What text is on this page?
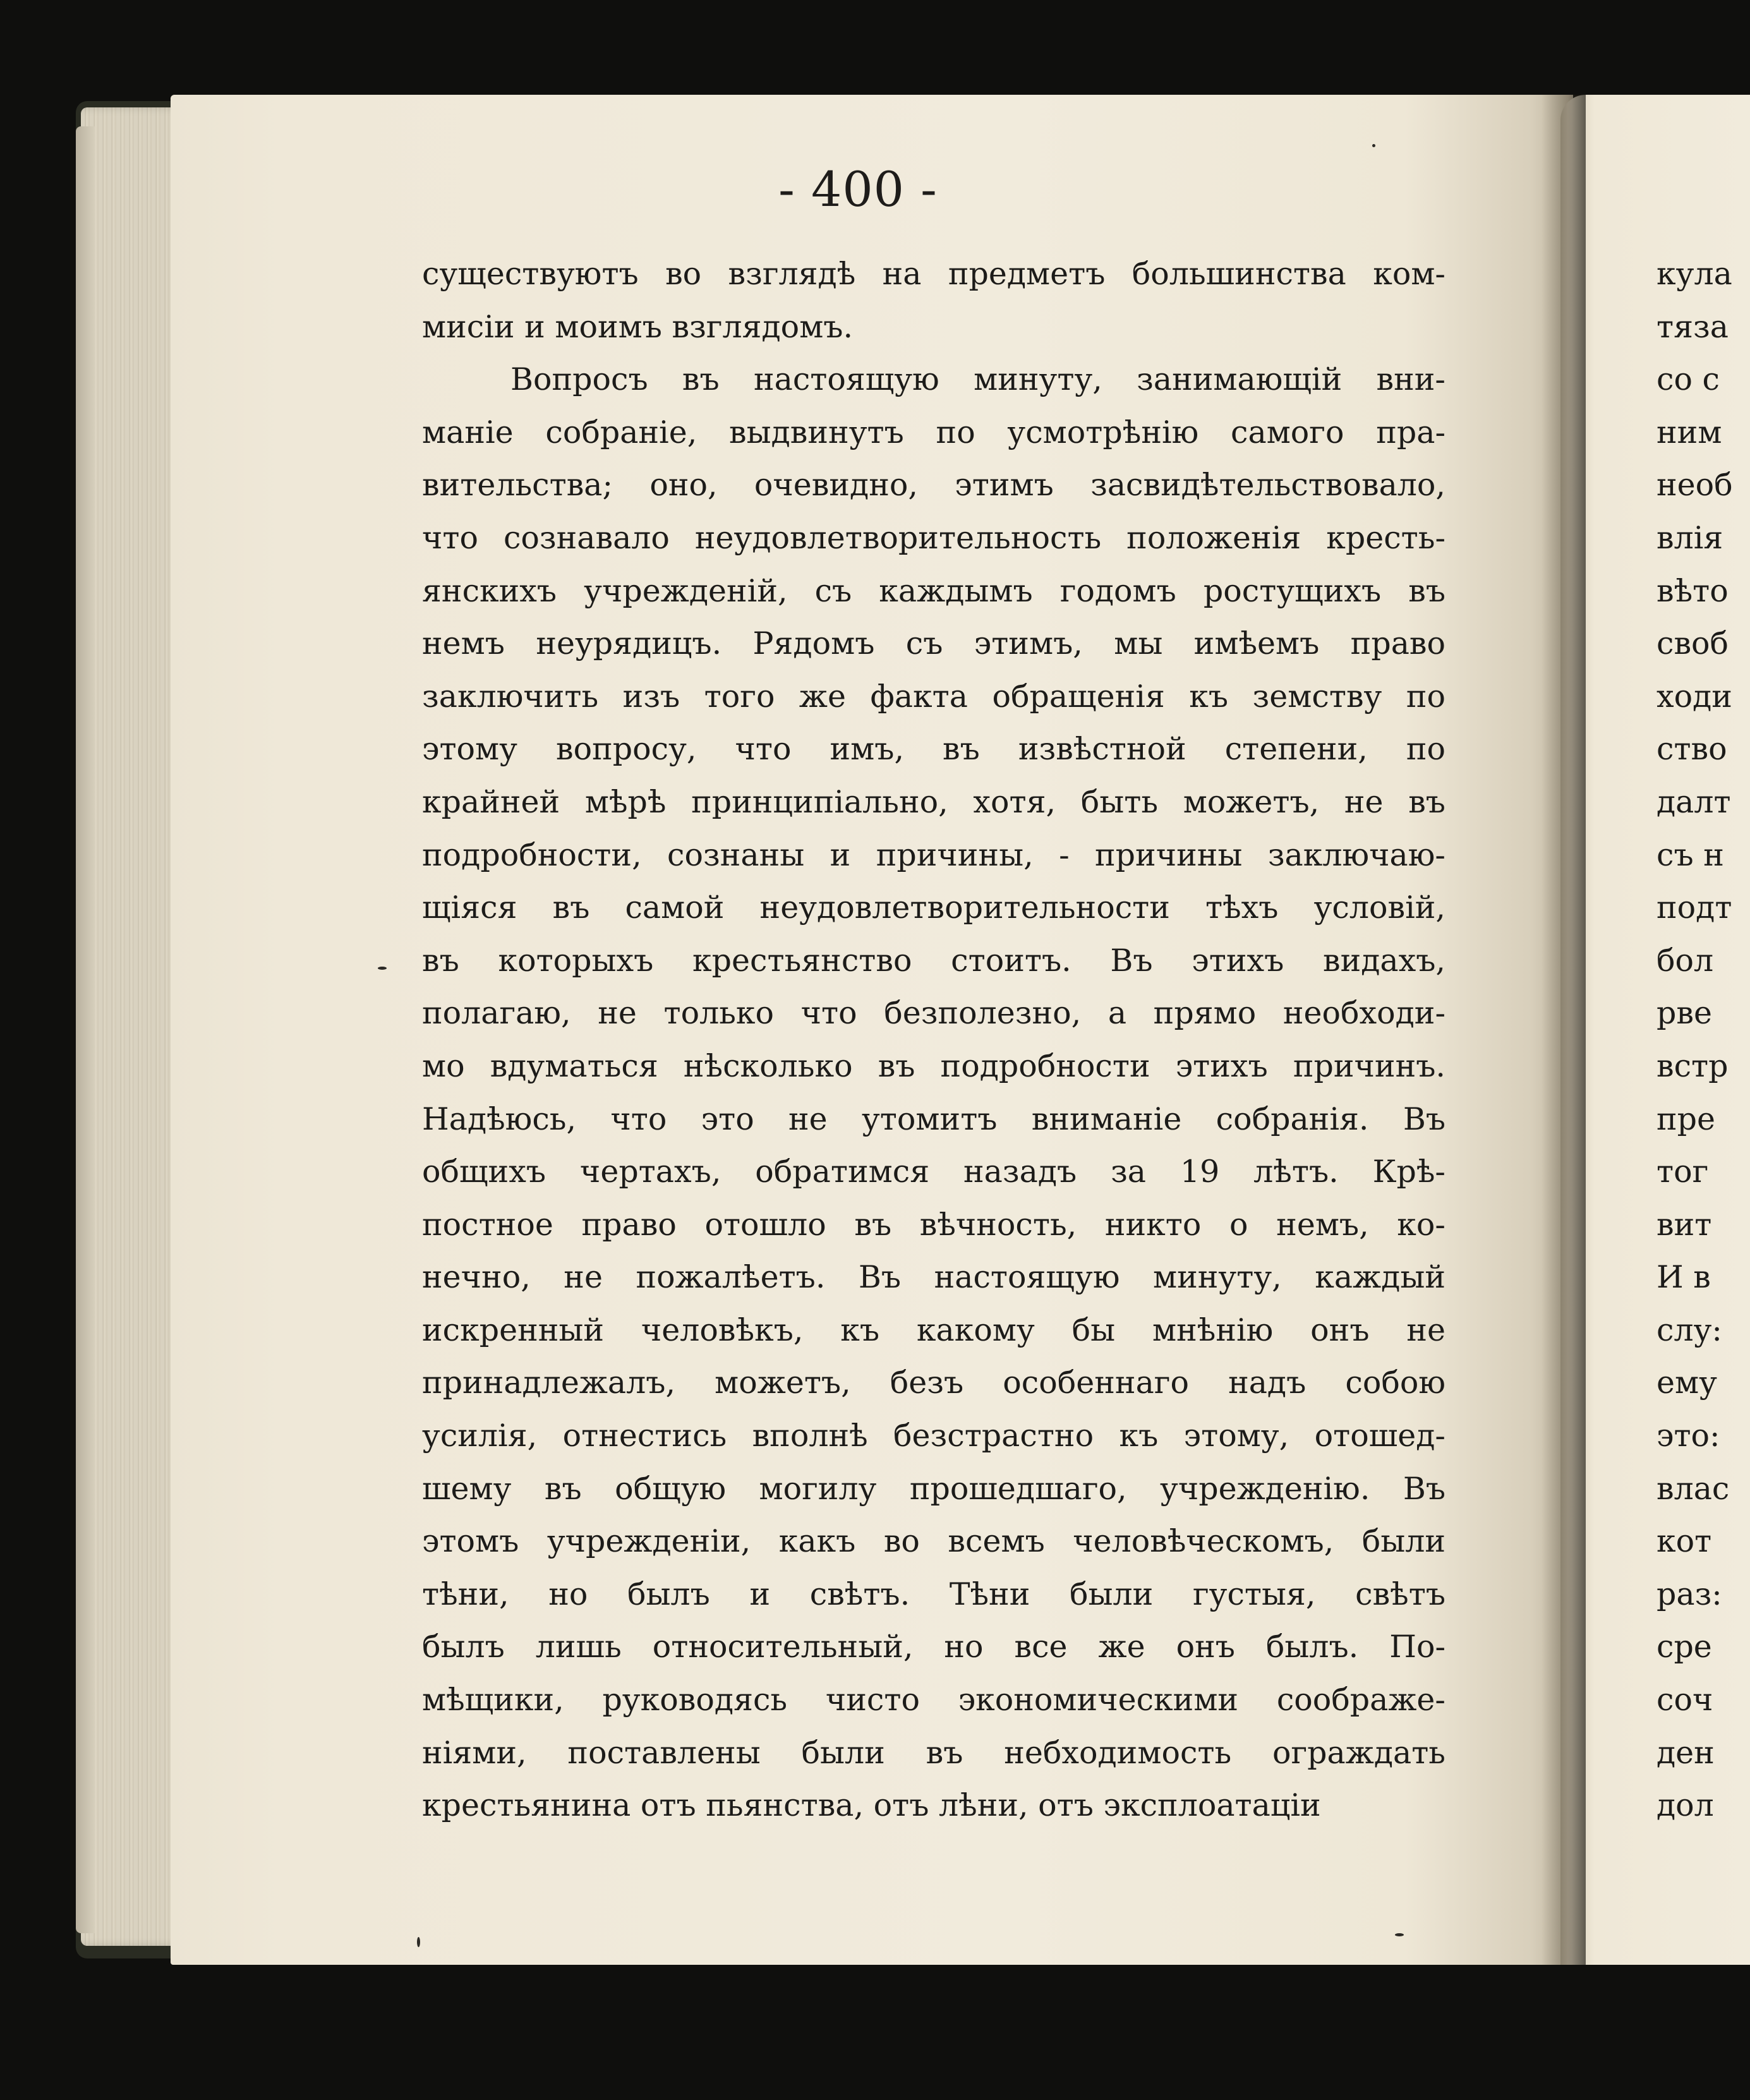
- 400 -
существуютъ во взглядѣ на предметъ большинства ком-
мисіи и моимъ взглядомъ.
Вопросъ въ настоящую минуту, занимающій вни-
маніе собраніе, выдвинутъ по усмотрѣнію самого пра-
вительства; оно, очевидно, этимъ засвидѣтельствовало,
что сознавало неудовлетворительность положенія кресть-
янскихъ учрежденій, съ каждымъ годомъ ростущихъ въ
немъ неурядицъ. Рядомъ съ этимъ, мы имѣемъ право
заключить изъ того же факта обращенія къ земству по
этому вопросу, что имъ, въ извѣстной степени, по
крайней мѣрѣ принципіально, хотя, быть можетъ, не въ
подробности, сознаны и причины, - причины заключаю-
щіяся въ самой неудовлетворительности тѣхъ условій,
въ которыхъ крестьянство стоитъ. Въ этихъ видахъ,
полагаю, не только что безполезно, а прямо необходи-
мо вдуматься нѣсколько въ подробности этихъ причинъ.
Надѣюсь, что это не утомитъ вниманіе собранія. Въ
общихъ чертахъ, обратимся назадъ за 19 лѣтъ. Крѣ-
постное право отошло въ вѣчность, никто о немъ, ко-
нечно, не пожалѣетъ. Въ настоящую минуту, каждый
искренный человѣкъ, къ какому бы мнѣнію онъ не
принадлежалъ, можетъ, безъ особеннаго надъ собою
усилія, отнестись вполнѣ безстрастно къ этому, отошед-
шему въ общую могилу прошедшаго, учрежденію. Въ
этомъ учрежденіи, какъ во всемъ человѣческомъ, были
тѣни, но былъ и свѣтъ. Тѣни были густыя, свѣтъ
былъ лишь относительный, но все же онъ былъ. По-
мѣщики, руководясь чисто экономическими соображе-
ніями, поставлены были въ небходимость ограждать
крестьянина отъ пьянства, отъ лѣни, отъ эксплоатаціи
кула
тяза
со с
ним
необ
влія
вѣто
своб
ходи
ство
далт
съ н
подт
бол
рве
встр
пре
тог
вит
И в
слу:
ему
это:
влас
кот
раз:
сре
соч
ден
дол
